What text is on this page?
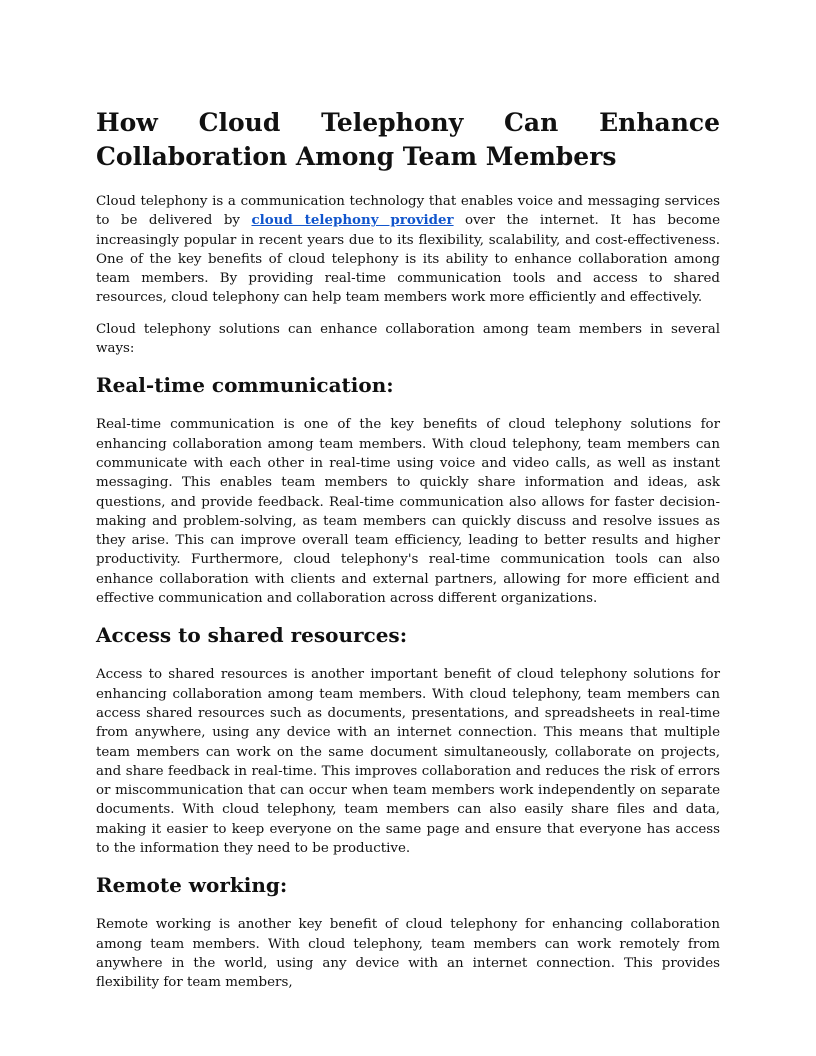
How Cloud Telephony Can Enhance
Collaboration Among Team Members

Cloud telephony is a communication technology that enables voice and messaging services to be delivered by cloud telephony provider over the internet. It has become increasingly popular in recent years due to its flexibility, scalability, and cost-effectiveness. One of the key benefits of cloud telephony is its ability to enhance collaboration among team members. By providing real-time communication tools and access to shared resources, cloud telephony can help team members work more efficiently and effectively.

Cloud telephony solutions can enhance collaboration among team members in several ways:

Real-time communication:

Real-time communication is one of the key benefits of cloud telephony solutions for enhancing collaboration among team members. With cloud telephony, team members can communicate with each other in real-time using voice and video calls, as well as instant messaging. This enables team members to quickly share information and ideas, ask questions, and provide feedback. Real-time communication also allows for faster decision-making and problem-solving, as team members can quickly discuss and resolve issues as they arise. This can improve overall team efficiency, leading to better results and higher productivity. Furthermore, cloud telephony's real-time communication tools can also enhance collaboration with clients and external partners, allowing for more efficient and effective communication and collaboration across different organizations.

Access to shared resources:

Access to shared resources is another important benefit of cloud telephony solutions for enhancing collaboration among team members. With cloud telephony, team members can access shared resources such as documents, presentations, and spreadsheets in real-time from anywhere, using any device with an internet connection. This means that multiple team members can work on the same document simultaneously, collaborate on projects, and share feedback in real-time. This improves collaboration and reduces the risk of errors or miscommunication that can occur when team members work independently on separate documents. With cloud telephony, team members can also easily share files and data, making it easier to keep everyone on the same page and ensure that everyone has access to the information they need to be productive.

Remote working:

Remote working is another key benefit of cloud telephony for enhancing collaboration among team members. With cloud telephony, team members can work remotely from anywhere in the world, using any device with an internet connection. This provides flexibility for team members,
